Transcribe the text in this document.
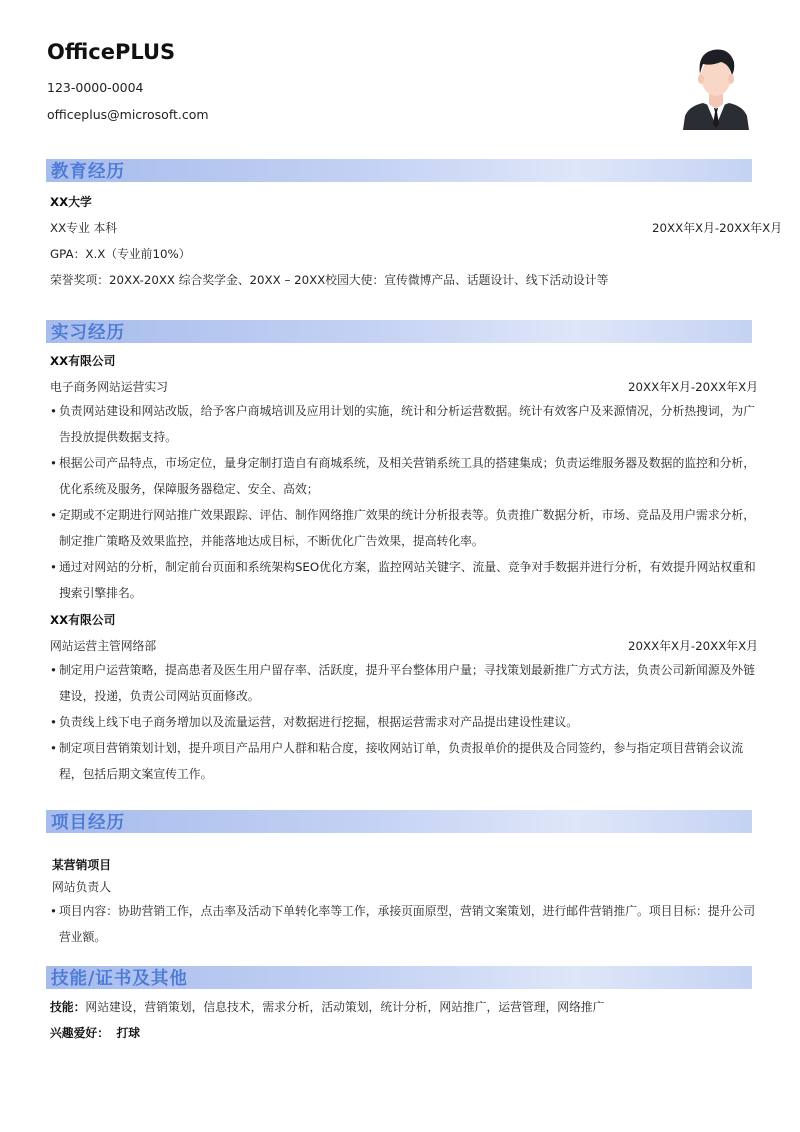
OfficePLUS
123-0000-0004
officeplus@microsoft.com
教育经历
XX大学
XX专业 本科	20XX年X月-20XX年X月
GPA：X.X（专业前10%）
荣誉奖项：20XX-20XX 综合奖学金、20XX – 20XX校园大使：宣传微博产品、话题设计、线下活动设计等
实习经历
XX有限公司
电子商务网站运营实习	20XX年X月-20XX年X月
• 负责网站建设和网站改版，给予客户商城培训及应用计划的实施，统计和分析运营数据。统计有效客户及来源情况，分析热搜词，为广告投放提供数据支持。
• 根据公司产品特点，市场定位，量身定制打造自有商城系统，及相关营销系统工具的搭建集成；负责运维服务器及数据的监控和分析，优化系统及服务，保障服务器稳定、安全、高效；
• 定期或不定期进行网站推广效果跟踪、评估、制作网络推广效果的统计分析报表等。负责推广数据分析，市场、竞品及用户需求分析，制定推广策略及效果监控，并能落地达成目标，不断优化广告效果，提高转化率。
• 通过对网站的分析，制定前台页面和系统架构SEO优化方案，监控网站关键字、流量、竞争对手数据并进行分析，有效提升网站权重和搜索引擎排名。
XX有限公司
网站运营主管网络部	20XX年X月-20XX年X月
• 制定用户运营策略，提高患者及医生用户留存率、活跃度，提升平台整体用户量；寻找策划最新推广方式方法，负责公司新闻源及外链建设，投递，负责公司网站页面修改。
• 负责线上线下电子商务增加以及流量运营，对数据进行挖掘，根据运营需求对产品提出建设性建议。
• 制定项目营销策划计划，提升项目产品用户人群和粘合度，接收网站订单，负责报单价的提供及合同签约，参与指定项目营销会议流程，包括后期文案宣传工作。
项目经历
某营销项目
网站负责人
• 项目内容：协助营销工作，点击率及活动下单转化率等工作，承接页面原型，营销文案策划，进行邮件营销推广。项目目标：提升公司营业额。
技能/证书及其他
技能：网站建设，营销策划，信息技术，需求分析，活动策划，统计分析，网站推广，运营管理，网络推广
兴趣爱好： 打球
